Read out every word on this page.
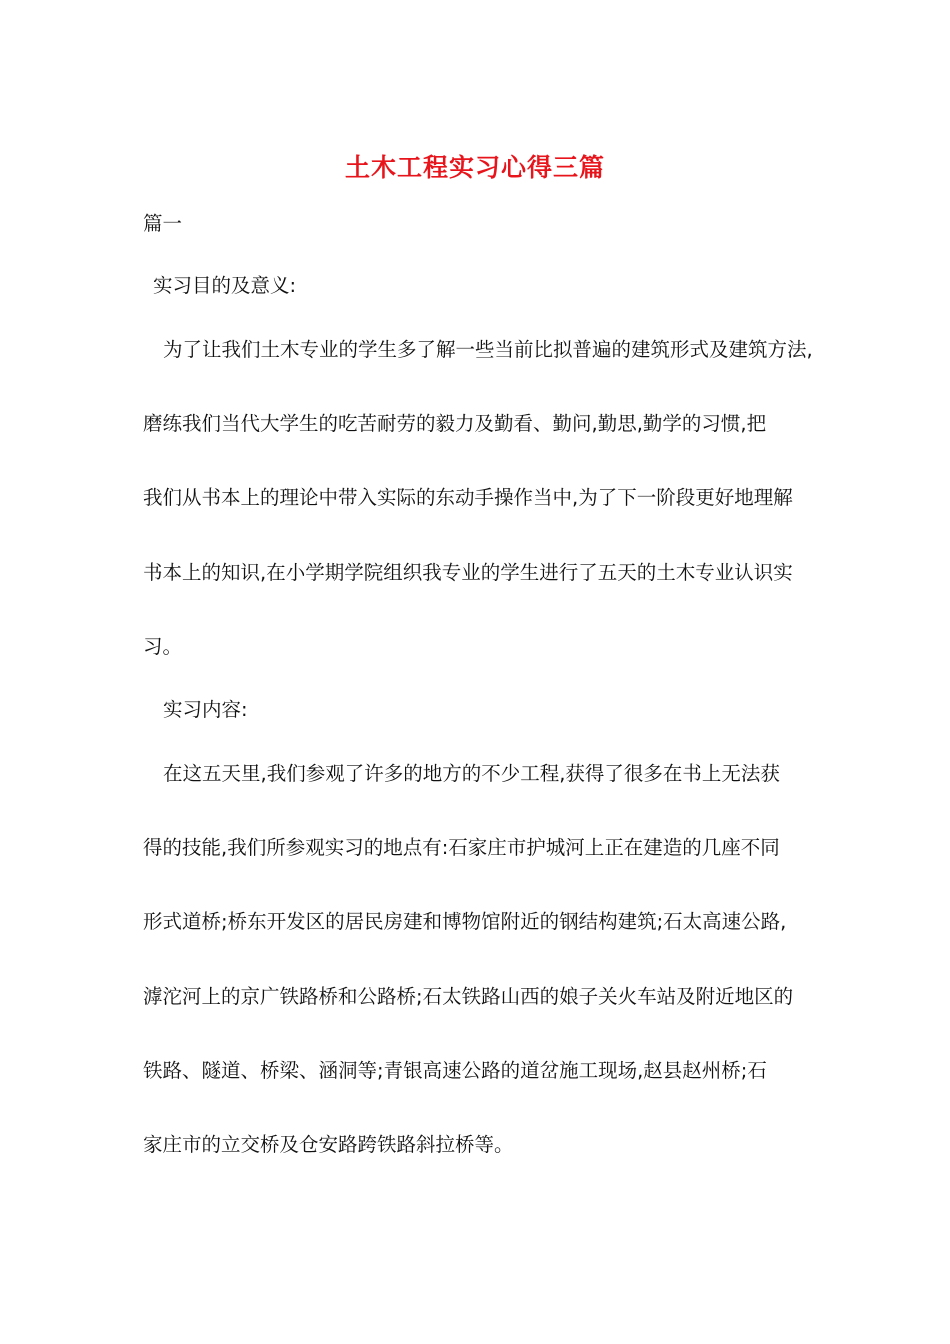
土木工程实习心得三篇
篇一
实习目的及意义:
为了让我们土木专业的学生多了解一些当前比拟普遍的建筑形式及建筑方法,
磨练我们当代大学生的吃苦耐劳的毅力及勤看、勤问,勤思,勤学的习惯,把
我们从书本上的理论中带入实际的东动手操作当中,为了下一阶段更好地理解
书本上的知识,在小学期学院组织我专业的学生进行了五天的土木专业认识实
习。
实习内容:
在这五天里,我们参观了许多的地方的不少工程,获得了很多在书上无法获
得的技能,我们所参观实习的地点有:石家庄市护城河上正在建造的几座不同
形式道桥;桥东开发区的居民房建和博物馆附近的钢结构建筑;石太高速公路,
滹沱河上的京广铁路桥和公路桥;石太铁路山西的娘子关火车站及附近地区的
铁路、隧道、桥梁、涵洞等;青银高速公路的道岔施工现场,赵县赵州桥;石
家庄市的立交桥及仓安路跨铁路斜拉桥等。
